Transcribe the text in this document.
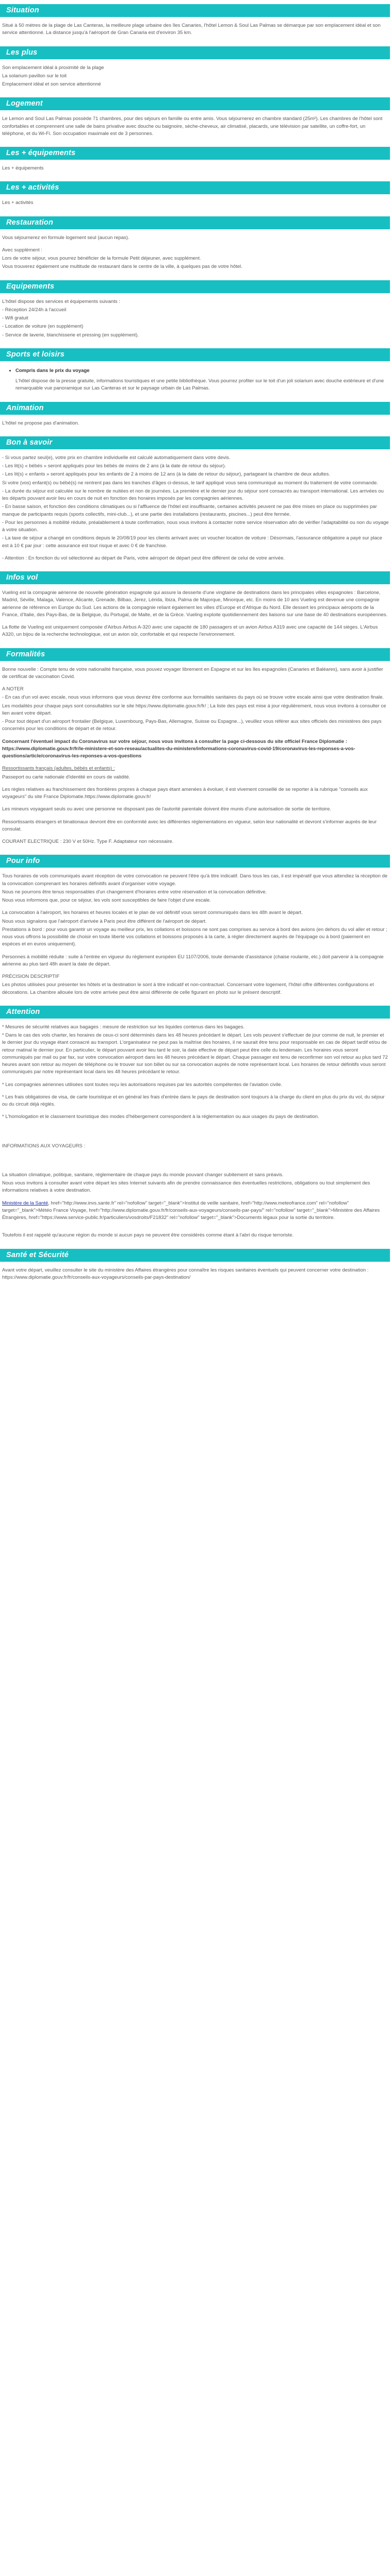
Situation

Situé à 50 mètres de la plage de Las Canteras, la meilleure plage urbaine des îles Canaries, l'hôtel Lemon & Soul Las Palmas se démarque par son emplacement idéal et son service attentionné. La distance jusqu'à l'aéroport de Gran Canaria est d'environ 35 km.

Les plus

Son emplacement idéal à proximité de la plage

La solarium pavillon sur le toit

Emplacement idéal et son service attentionné

Logement

Le Lemon and Soul Las Palmas possède 71 chambres, pour des séjours en famille ou entre amis. Vous séjournerez en chambre standard (25m²). Les chambres de l'hôtel sont confortables et comprennent une salle de bains privative avec douche ou baignoire, sèche-cheveux, air climatisé, placards, une télévision par satellite, un coffre-fort, un téléphone, et du Wi-Fi. Son occupation maximale est de 3 personnes.

Les + équipements

Les + équipements

Les + activités

Les + activités

Restauration

Vous séjournerez en formule logement seul (aucun repas).

Avec supplément :

Lors de votre séjour, vous pourrez bénéficier de la formule Petit déjeuner, avec supplément.

Vous trouverez également une multitude de restaurant dans le centre de la ville, à quelques pas de votre hôtel.

Equipements

L'hôtel dispose des services et équipements suivants :

- Réception 24/24h à l'accueil

- Wifi gratuit

- Location de voiture (en supplément)

- Service de laverie, blanchisserie et pressing (en supplément).

Sports et loisirs
• Compris dans le prix du voyage

L'hôtel dispose de la presse gratuite, informations touristiques et une petite bibliothèque. Vous pourrez profiter sur le toit d'un joli solarium avec douche extérieure et d'une remarquable vue panoramique sur Las Canteras et sur le paysage urbain de Las Palmas.

Animation

L'hôtel ne propose pas d'animation.

Bon à savoir

- Si vous partez seul(e), votre prix en chambre individuelle est calculé automatiquement dans votre devis.

- Les lit(s) « bébés » seront appliqués pour les bébés de moins de 2 ans (à la date de retour du séjour).

- Les lit(s) « enfants » seront appliqués pour les enfants de 2 à moins de 12 ans (à la date de retour du séjour), partageant la chambre de deux adultes.

Si votre (vos) enfant(s) ou bébé(s) ne rentrent pas dans les tranches d'âges ci-dessus, le tarif appliqué vous sera communiqué au moment du traitement de votre commande.

- La durée du séjour est calculée sur le nombre de nuitées et non de journées. La première et le dernier jour du séjour sont consacrés au transport international. Les arrivées ou les départs pouvant avoir lieu en cours de nuit en fonction des horaires imposés par les compagnies aériennes.

- En basse saison, et fonction des conditions climatiques ou si l'affluence de l'hôtel est insuffisante, certaines activités peuvent ne pas être mises en place ou supprimées par manque de participants requis (sports collectifs, mini-club...), et une partie des installations (restaurants, piscines...) peut être fermée.

- Pour les personnes à mobilité réduite, préalablement à toute confirmation, nous vous invitons à contacter notre service réservation afin de vérifier l'adaptabilité ou non du voyage à votre situation.

- La taxe de séjour a changé en conditions depuis le 20/08/19 pour les clients arrivant avec un voucher location de voiture : Désormais, l'assurance obligatoire a payé sur place est à 10 € par jour : cette assurance est tout risque et avec 0 € de franchise.

- Attention : En fonction du vol sélectionné au départ de Paris, votre aéroport de départ peut être différent de celui de votre arrivée.

Infos vol

Vueling est la compagnie aérienne de nouvelle génération espagnole qui assure la desserte d'une vingtaine de destinations dans les principales villes espagnoles : Barcelone, Madrid, Séville, Malaga, Valence, Alicante, Grenade, Bilbao, Jerez, Lérida, Ibiza, Palma de Majorque, Minorque, etc. En moins de 10 ans Vueling est devenue une compagnie aérienne de référence en Europe du Sud. Les actions de la compagnie reliant également les villes d'Europe et d'Afrique du Nord. Elle dessert les principaux aéroports de la France, d'Italie, des Pays-Bas, de la Belgique, du Portugal, de Malte, et de la Grèce. Vueling exploite quotidiennement des liaisons sur une base de 40 destinations européennes.

La flotte de Vueling est uniquement composée d'Airbus Airbus A-320 avec une capacité de 180 passagers et un avion Airbus A319 avec une capacité de 144 sièges. L'Airbus A320, un bijou de la recherche technologique, est un avion sûr, confortable et qui respecte l'environnement.

Formalités

Bonne nouvelle : Compte tenu de votre nationalité française, vous pouvez voyager librement en Espagne et sur les îles espagnoles (Canaries et Baléares), sans avoir à justifier de certificat de vaccination Covid.

A NOTER

- En cas d'un vol avec escale, nous vous informons que vous devrez être conforme aux formalités sanitaires du pays où se trouve votre escale ainsi que votre destination finale.

Les modalités pour chaque pays sont consultables sur le site https://www.diplomatie.gouv.fr/fr/ ; La liste des pays est mise à jour régulièrement, nous vous invitons à consulter ce lien avant votre départ.

- Pour tout départ d'un aéroport frontalier (Belgique, Luxembourg, Pays-Bas, Allemagne, Suisse ou Espagne...), veuillez vous référer aux sites officiels des ministères des pays concernés pour les conditions de départ et de retour.

Concernant l'éventuel impact du Coronavirus sur votre séjour, nous vous invitons à consulter la page ci-dessous du site officiel France Diplomatie : https://www.diplomatie.gouv.fr/fr/le-ministere-et-son-reseau/actualites-du-ministere/informations-coronavirus-covid-19/coronavirus-les-reponses-a-vos-questions/article/coronavirus-les-reponses-a-vos-questions

Ressortissants français (adultes, bébés et enfants) :

Passeport ou carte nationale d'identité en cours de validité.

Les règles relatives au franchissement des frontières propres à chaque pays étant amenées à évoluer, il est vivement conseillé de se reporter à la rubrique "conseils aux voyageurs" du site France Diplomatie.https://www.diplomatie.gouv.fr/

Les mineurs voyageant seuls ou avec une personne ne disposant pas de l'autorité parentale doivent être munis d'une autorisation de sortie de territoire.

Ressortissants étrangers et binationaux devront être en conformité avec les différentes réglementations en vigueur, selon leur nationalité et devront s'informer auprès de leur consulat.

COURANT ELECTRIQUE : 230 V et 50Hz. Type F. Adaptateur non nécessaire.

Pour info

Tous horaires de vols communiqués avant réception de votre convocation ne peuvent l'être qu'à titre indicatif. Dans tous les cas, il est impératif que vous attendiez la réception de la convocation comprenant les horaires définitifs avant d'organiser votre voyage.

Nous ne pourrons être tenus responsables d'un changement d'horaires entre votre réservation et la convocation définitive.

Nous vous informons que, pour ce séjour, les vols sont susceptibles de faire l'objet d'une escale.

La convocation à l'aéroport, les horaires et heures locales et le plan de vol définitif vous seront communiqués dans les 48h avant le départ.

Nous vous signalons que l'aéroport d'arrivée à Paris peut être différent de l'aéroport de départ.

Prestations à bord : pour vous garantir un voyage au meilleur prix, les collations et boissons ne sont pas comprises au service à bord des avions (en dehors du vol aller et retour ; nous vous offrons la possibilité de choisir en toute liberté vos collations et boissons proposés à la carte, à régler directement auprès de l'équipage ou à bord (paiement en espèces et en euros uniquement).

Personnes à mobilité réduite : suite à l'entrée en vigueur du règlement européen EU 1107/2006, toute demande d'assistance (chaise roulante, etc.) doit parvenir à la compagnie aérienne au plus tard 48h avant la date de départ.

PRÉCISION DESCRIPTIF

Les photos utilisées pour présenter les hôtels et la destination le sont à titre indicatif et non-contractuel. Concernant votre logement, l'hôtel offre différentes configurations et décorations. La chambre allouée lors de votre arrivée peut être ainsi différente de celle figurant en photo sur le présent descriptif.

Attention

* Mesures de sécurité relatives aux bagages : mesure de restriction sur les liquides contenus dans les bagages.

* Dans le cas des vols charter, les horaires de ceux-ci sont déterminés dans les 48 heures précédant le départ. Les vols peuvent s'effectuer de jour comme de nuit, le premier et le dernier jour du voyage étant consacré au transport. L'organisateur ne peut pas la maîtrise des horaires, il ne saurait être tenu pour responsable en cas de départ tardif et/ou de retour matinal le dernier jour. En particulier, le départ pouvant avoir lieu tard le soir, la date effective de départ peut être celle du lendemain. Les horaires vous seront communiqués par mail ou par fax, sur votre convocation aéroport dans les 48 heures précédant le départ. Chaque passager est tenu de reconfirmer son vol retour au plus tard 72 heures avant son retour au moyen de téléphone ou le trouver sur son billet ou sur sa convocation auprès de notre représentant local. Les horaires de retour définitifs vous seront communiqués par notre représentant local dans les 48 heures précédant le retour.

* Les compagnies aériennes utilisées sont toutes reçu les autorisations requises par les autorités compétentes de l'aviation civile.

* Les frais obligatoires de visa, de carte touristique et en général les frais d'entrée dans le pays de destination sont toujours à la charge du client en plus du prix du vol, du séjour ou du circuit déjà réglés.

* L'homologation et le classement touristique des modes d'hébergement correspondent à la réglementation ou aux usages du pays de destination.

INFORMATIONS AUX VOYAGEURS :

La situation climatique, politique, sanitaire, réglementaire de chaque pays du monde pouvant changer subitement et sans préavis.

Nous vous invitons à consulter avant votre départ les sites Internet suivants afin de prendre connaissance des éventuelles restrictions, obligations ou tout simplement des informations relatives à votre destination.

Ministère de la Santé, href="http://www.invs.sante.fr" rel="nofollow" target="_blank">Institut de veille sanitaire, href="http://www.meteofrance.com" rel="nofollow" target="_blank">Météo France Voyage, href="http://www.diplomatie.gouv.fr/fr/conseils-aux-voyageurs/conseils-par-pays/" rel="nofollow" target="_blank">Ministère des Affaires Étrangères, href="https://www.service-public.fr/particuliers/vosdroits/F21832" rel="nofollow" target="_blank">Documents légaux pour la sortie du territoire.

Toutefois il est rappelé qu'aucune région du monde si aucun pays ne peuvent être considérés comme étant à l'abri du risque terroriste.

Santé et Sécurité

Avant votre départ, veuillez consulter le site du ministère des Affaires étrangères pour connaître les risques sanitaires éventuels qui peuvent concerner votre destination : https://www.diplomatie.gouv.fr/fr/conseils-aux-voyageurs/conseils-par-pays-destination/
